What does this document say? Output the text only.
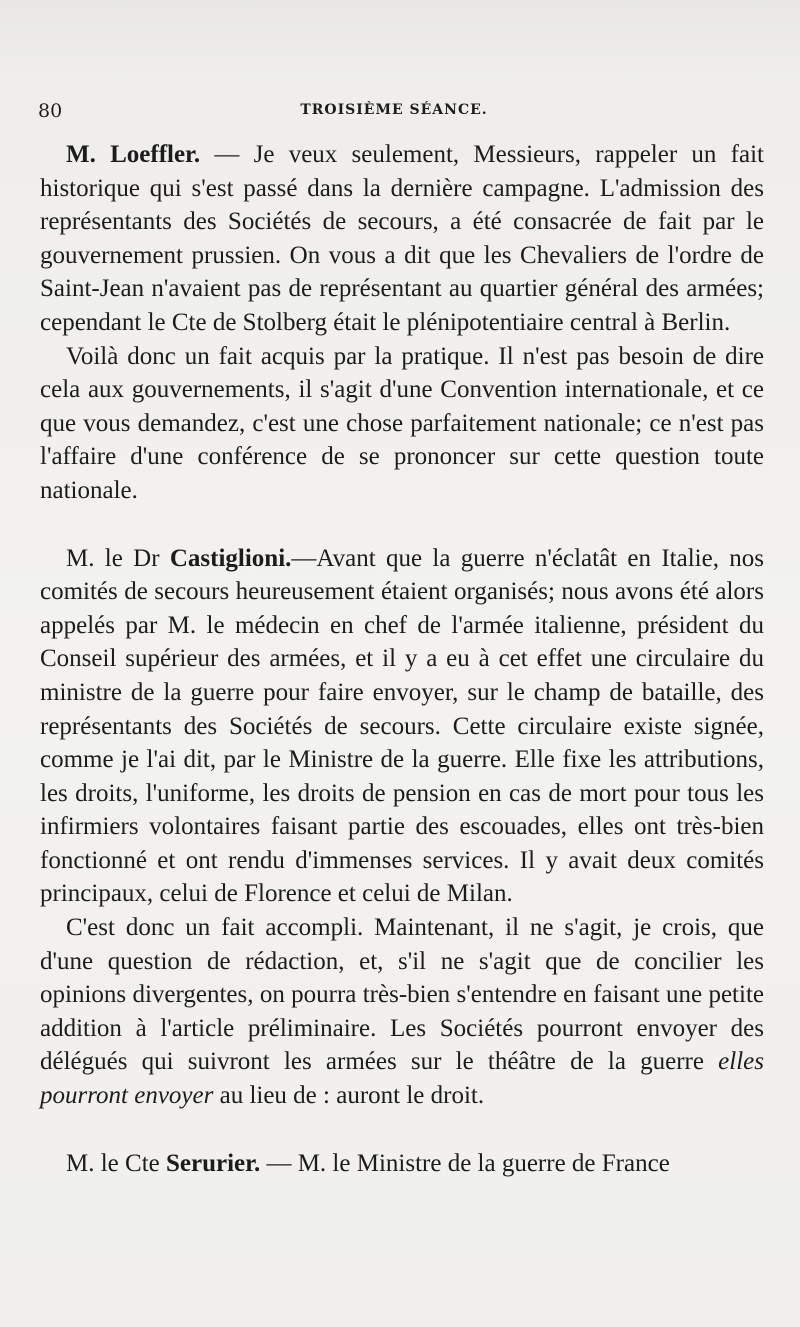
80	TROISIÈME SÉANCE.

M. Loeffler. — Je veux seulement, Messieurs, rappeler un fait historique qui s'est passé dans la dernière campagne. L'admission des représentants des Sociétés de secours, a été consacrée de fait par le gouvernement prussien. On vous a dit que les Chevaliers de l'ordre de Saint-Jean n'avaient pas de représentant au quartier général des armées; cependant le Cte de Stolberg était le plénipotentiaire central à Berlin.

Voilà donc un fait acquis par la pratique. Il n'est pas besoin de dire cela aux gouvernements, il s'agit d'une Convention internationale, et ce que vous demandez, c'est une chose parfaitement nationale; ce n'est pas l'affaire d'une conférence de se prononcer sur cette question toute nationale.

M. le Dr Castiglioni.—Avant que la guerre n'éclatât en Italie, nos comités de secours heureusement étaient organisés; nous avons été alors appelés par M. le médecin en chef de l'armée italienne, président du Conseil supérieur des armées, et il y a eu à cet effet une circulaire du ministre de la guerre pour faire envoyer, sur le champ de bataille, des représentants des Sociétés de secours. Cette circulaire existe signée, comme je l'ai dit, par le Ministre de la guerre. Elle fixe les attributions, les droits, l'uniforme, les droits de pension en cas de mort pour tous les infirmiers volontaires faisant partie des escouades, elles ont très-bien fonctionné et ont rendu d'immenses services. Il y avait deux comités principaux, celui de Florence et celui de Milan.

C'est donc un fait accompli. Maintenant, il ne s'agit, je crois, que d'une question de rédaction, et, s'il ne s'agit que de concilier les opinions divergentes, on pourra très-bien s'entendre en faisant une petite addition à l'article préliminaire. Les Sociétés pourront envoyer des délégués qui suivront les armées sur le théâtre de la guerre elles pourront envoyer au lieu de : auront le droit.

M. le Cte Serurier. — M. le Ministre de la guerre de France
